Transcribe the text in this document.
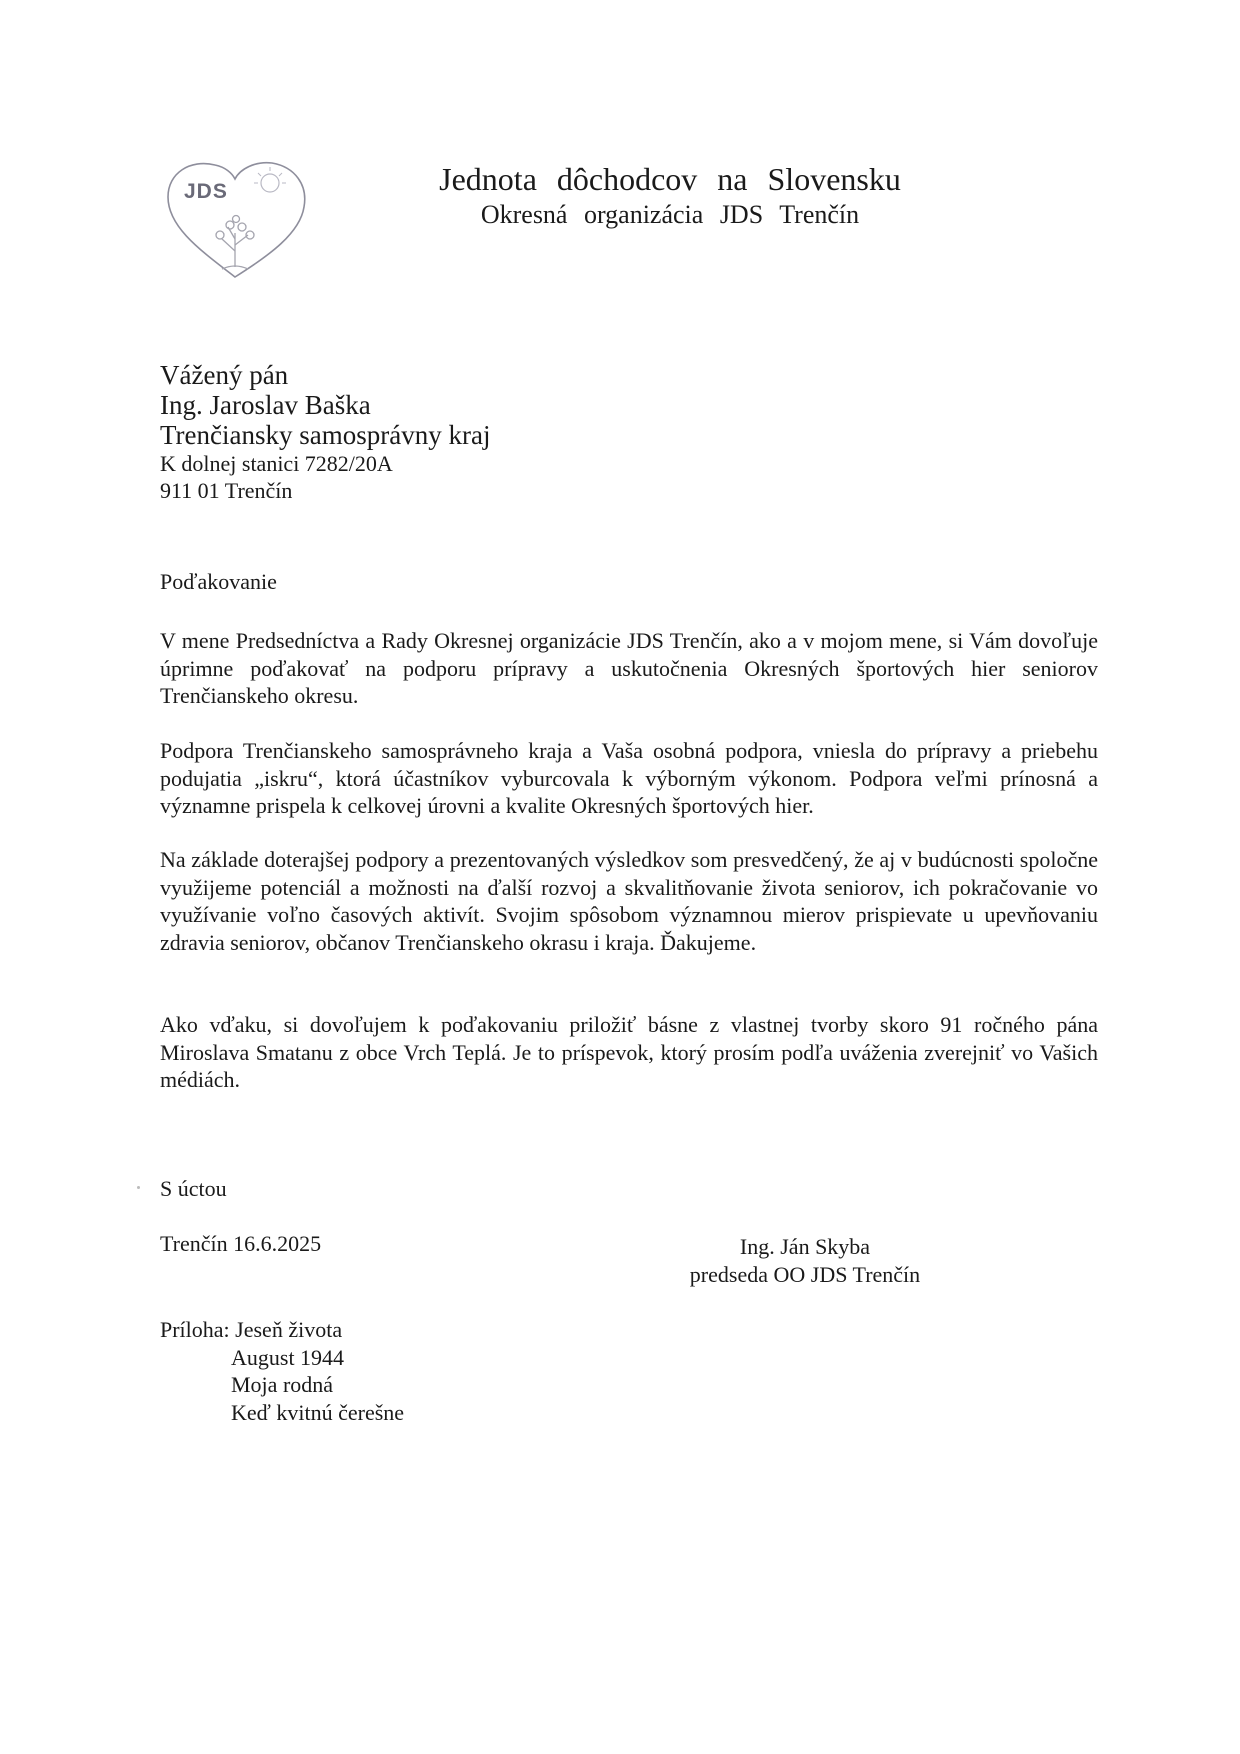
JDS	Jednota dôchodcov na Slovensku
Okresná organizácia JDS Trenčín
Vážený pán
Ing. Jaroslav Baška
Trenčiansky samosprávny kraj
K dolnej stanici 7282/20A
911 01 Trenčín
Poďakovanie

V mene Predsedníctva a Rady Okresnej organizácie JDS Trenčín, ako a v mojom mene, si Vám dovoľuje úprimne poďakovať na podporu prípravy a uskutočnenia Okresných športových hier seniorov Trenčianskeho okresu.

Podpora Trenčianskeho samosprávneho kraja a Vaša osobná podpora, vniesla do prípravy a priebehu podujatia „iskru“, ktorá účastníkov vyburcovala k výborným výkonom. Podpora veľmi prínosná a významne prispela k celkovej úrovni a kvalite Okresných športových hier.

Na základe doterajšej podpory a prezentovaných výsledkov som presvedčený, že aj v budúcnosti spoločne využijeme potenciál a možnosti na ďalší rozvoj a skvalitňovanie života seniorov, ich pokračovanie vo využívanie voľno časových aktivít. Svojim spôsobom významnou mierov prispievate u upevňovaniu zdravia seniorov, občanov Trenčianskeho okrasu i kraja. Ďakujeme.

Ako vďaku, si dovoľujem k poďakovaniu priložiť básne z vlastnej tvorby skoro 91 ročného pána Miroslava Smatanu z obce Vrch Teplá. Je to príspevok, ktorý prosím podľa uváženia zverejniť vo Vašich médiách.

S úctou
Trenčín 16.6.2025	Ing. Ján Skyba
predseda OO JDS Trenčín
Príloha: Jeseň života
August 1944
Moja rodná
Keď kvitnú čerešne
